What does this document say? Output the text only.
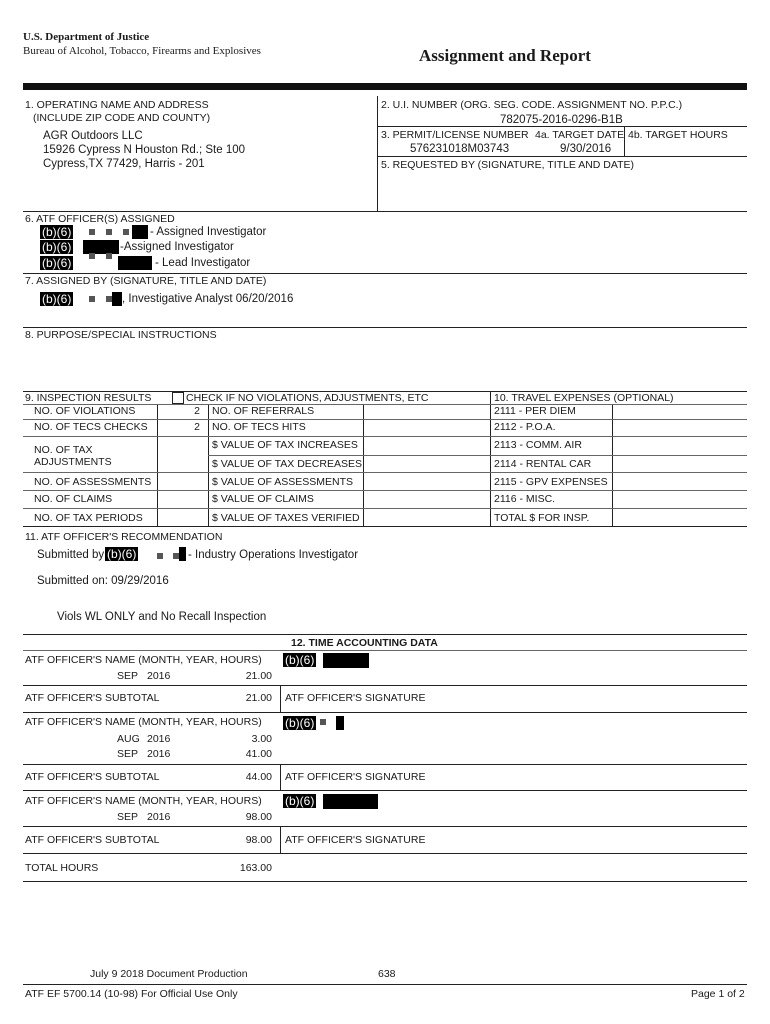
U.S. Department of Justice
Bureau of Alcohol, Tobacco, Firearms and Explosives	Assignment and Report
1. OPERATING NAME AND ADDRESS
(INCLUDE ZIP CODE AND COUNTY)
AGR Outdoors LLC
15926 Cypress N Houston Rd.; Ste 100
Cypress,TX 77429, Harris - 201
2. U.I. NUMBER (ORG. SEG. CODE. ASSIGNMENT NO. P.P.C.)
782075-2016-0296-B1B
3. PERMIT/LICENSE NUMBER 4a. TARGET DATE 4b. TARGET HOURS
576231018M03743	9/30/2016
5. REQUESTED BY (SIGNATURE, TITLE AND DATE)
6. ATF OFFICER(S) ASSIGNED
(b)(6)	- Assigned Investigator
(b)(6)	-Assigned Investigator
(b)(6)	- Lead Investigator
7. ASSIGNED BY (SIGNATURE, TITLE AND DATE)
(b)(6)	, Investigative Analyst 06/20/2016
8. PURPOSE/SPECIAL INSTRUCTIONS
9. INSPECTION RESULTS	CHECK IF NO VIOLATIONS, ADJUSTMENTS, ETC	10. TRAVEL EXPENSES (OPTIONAL)
NO. OF VIOLATIONS	2 NO. OF REFERRALS	2111 - PER DIEM
NO. OF TECS CHECKS	2 NO. OF TECS HITS	2112 - P.O.A.
NO. OF TAX
ADJUSTMENTS
$ VALUE OF TAX INCREASES	2113 - COMM. AIR
$ VALUE OF TAX DECREASES	2114 - RENTAL CAR
NO. OF ASSESSMENTS	$ VALUE OF ASSESSMENTS	2115 - GPV EXPENSES
NO. OF CLAIMS	$ VALUE OF CLAIMS	2116 - MISC.
NO. OF TAX PERIODS	$ VALUE OF TAXES VERIFIED	TOTAL $ FOR INSP.
11. ATF OFFICER'S RECOMMENDATION
Submitted by (b)(6)	- Industry Operations Investigator
Submitted on: 09/29/2016
Viols WL ONLY and No Recall Inspection
12. TIME ACCOUNTING DATA
ATF OFFICER'S NAME (MONTH, YEAR, HOURS) (b)(6)
SEP 2016	21.00
ATF OFFICER'S SUBTOTAL	21.00 ATF OFFICER'S SIGNATURE
ATF OFFICER'S NAME (MONTH, YEAR, HOURS) (b)(6)
AUG 2016	3.00
SEP 2016	41.00
ATF OFFICER'S SUBTOTAL	44.00 ATF OFFICER'S SIGNATURE
ATF OFFICER'S NAME (MONTH, YEAR, HOURS) (b)(6)
SEP 2016	98.00
ATF OFFICER'S SUBTOTAL	98.00 ATF OFFICER'S SIGNATURE
TOTAL HOURS	163.00
July 9 2018 Document Production	638
ATF EF 5700.14 (10-98) For Official Use Only	Page 1 of 2
